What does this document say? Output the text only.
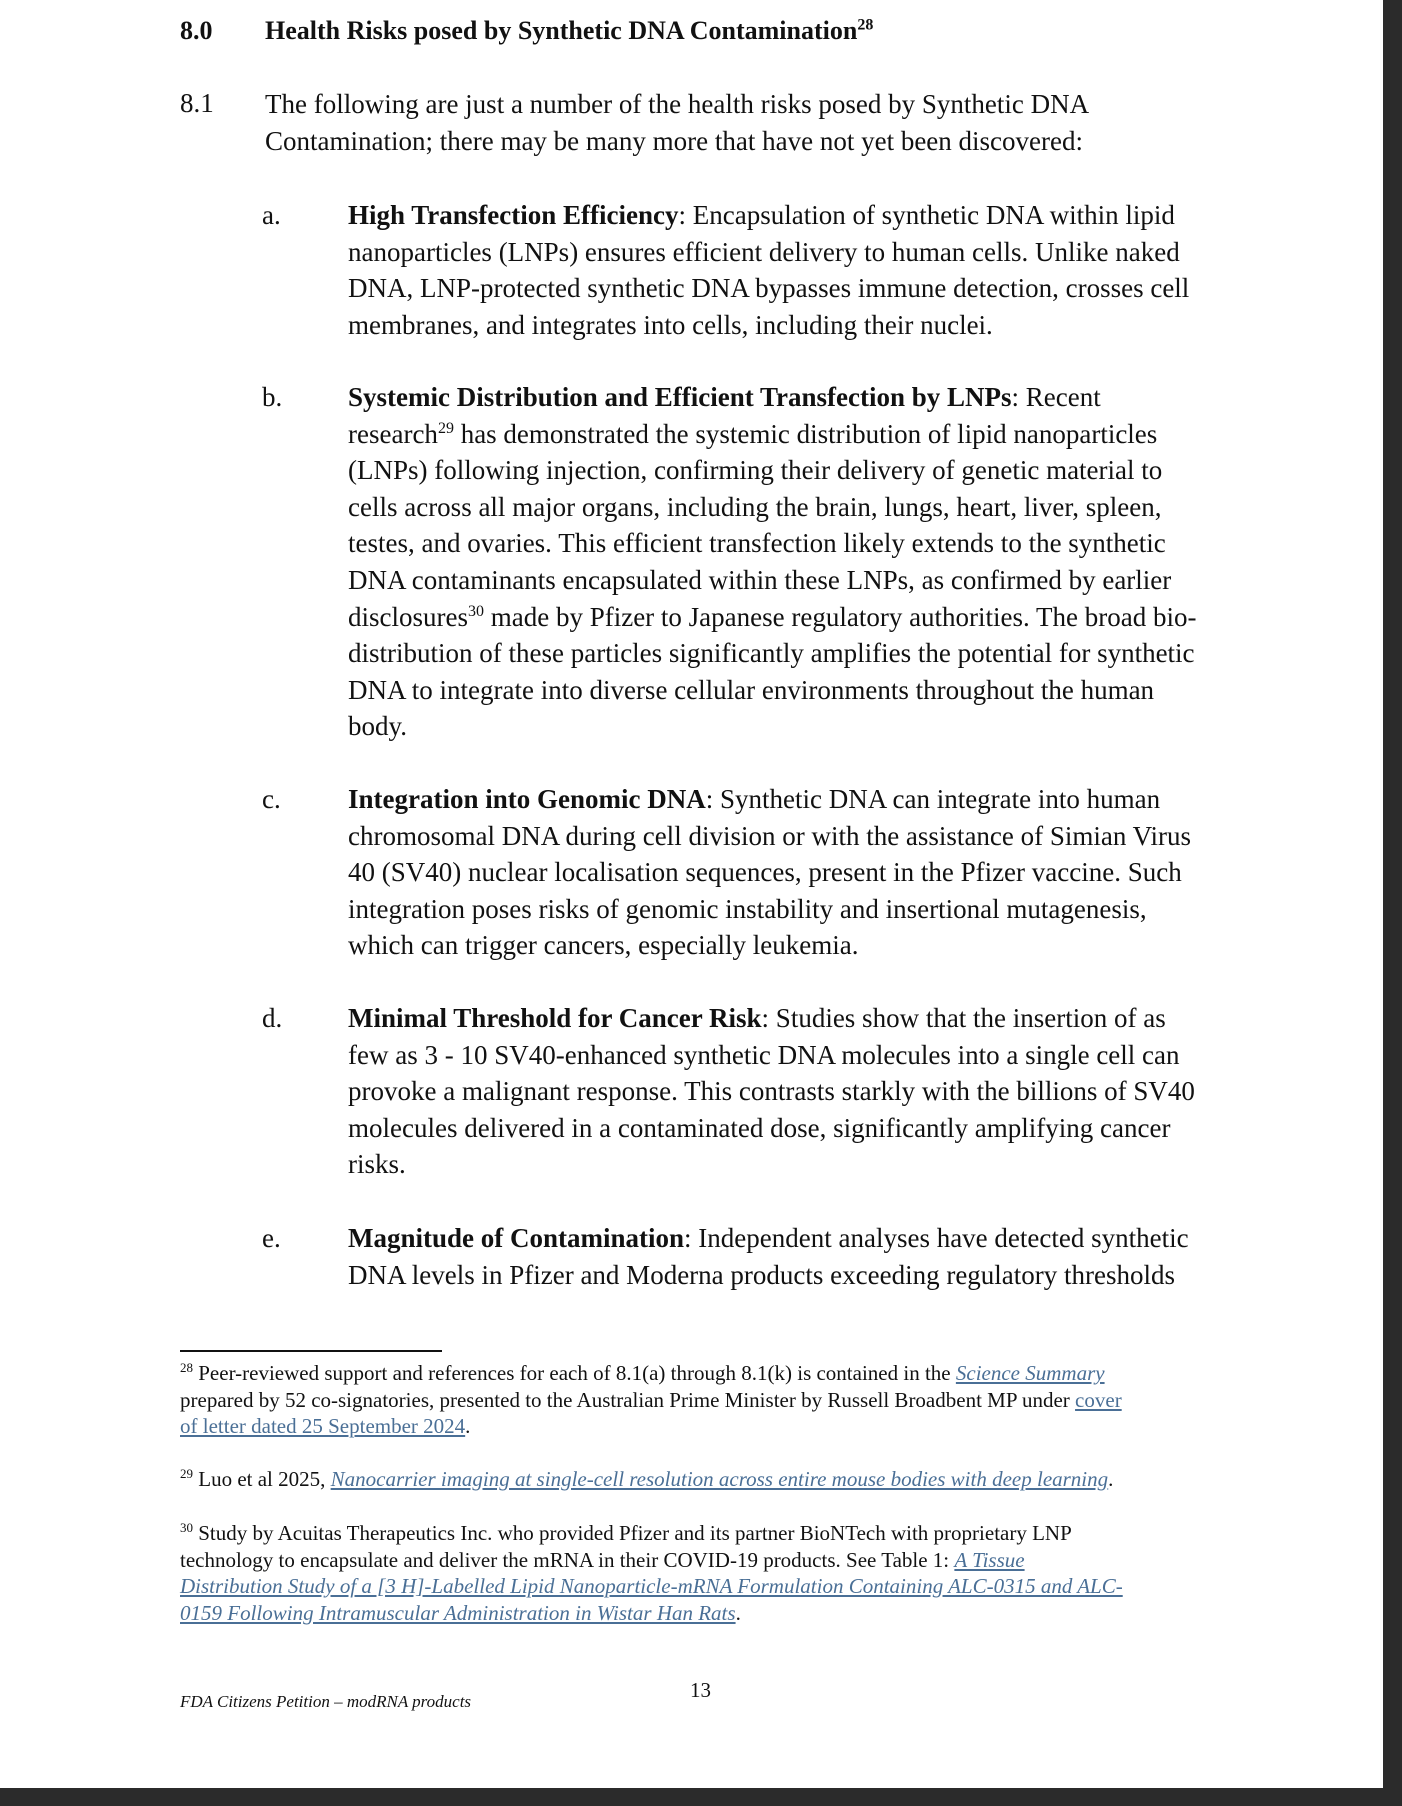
8.0 Health Risks posed by Synthetic DNA Contamination$^{28}$
8.1 The following are just a number of the health risks posed by Synthetic DNA
Contamination; there may be many more that have not yet been discovered:
a. High Transfection Efficiency: Encapsulation of synthetic DNA within lipid
nanoparticles (LNPs) ensures efficient delivery to human cells. Unlike naked
DNA, LNP-protected synthetic DNA bypasses immune detection, crosses cell
membranes, and integrates into cells, including their nuclei.
b. Systemic Distribution and Efficient Transfection by LNPs: Recent
research$^{29}$ has demonstrated the systemic distribution of lipid nanoparticles
(LNPs) following injection, confirming their delivery of genetic material to
cells across all major organs, including the brain, lungs, heart, liver, spleen,
testes, and ovaries. This efficient transfection likely extends to the synthetic
DNA contaminants encapsulated within these LNPs, as confirmed by earlier
disclosures$^{30}$ made by Pfizer to Japanese regulatory authorities. The broad bio-
distribution of these particles significantly amplifies the potential for synthetic
DNA to integrate into diverse cellular environments throughout the human
body.
c. Integration into Genomic DNA: Synthetic DNA can integrate into human
chromosomal DNA during cell division or with the assistance of Simian Virus
40 (SV40) nuclear localisation sequences, present in the Pfizer vaccine. Such
integration poses risks of genomic instability and insertional mutagenesis,
which can trigger cancers, especially leukemia.
d. Minimal Threshold for Cancer Risk: Studies show that the insertion of as
few as 3 - 10 SV40-enhanced synthetic DNA molecules into a single cell can
provoke a malignant response. This contrasts starkly with the billions of SV40
molecules delivered in a contaminated dose, significantly amplifying cancer
risks.
e. Magnitude of Contamination: Independent analyses have detected synthetic
DNA levels in Pfizer and Moderna products exceeding regulatory thresholds
$^{28}$ Peer-reviewed support and references for each of 8.1(a) through 8.1(k) is contained in the Science Summary
prepared by 52 co-signatories, presented to the Australian Prime Minister by Russell Broadbent MP under cover
of letter dated 25 September 2024.
$^{29}$ Luo et al 2025, Nanocarrier imaging at single-cell resolution across entire mouse bodies with deep learning.
$^{30}$ Study by Acuitas Therapeutics Inc. who provided Pfizer and its partner BioNTech with proprietary LNP
technology to encapsulate and deliver the mRNA in their COVID-19 products. See Table 1: A Tissue
Distribution Study of a [3 H]-Labelled Lipid Nanoparticle-mRNA Formulation Containing ALC-0315 and ALC-
0159 Following Intramuscular Administration in Wistar Han Rats.
FDA Citizens Petition – modRNA products	13
